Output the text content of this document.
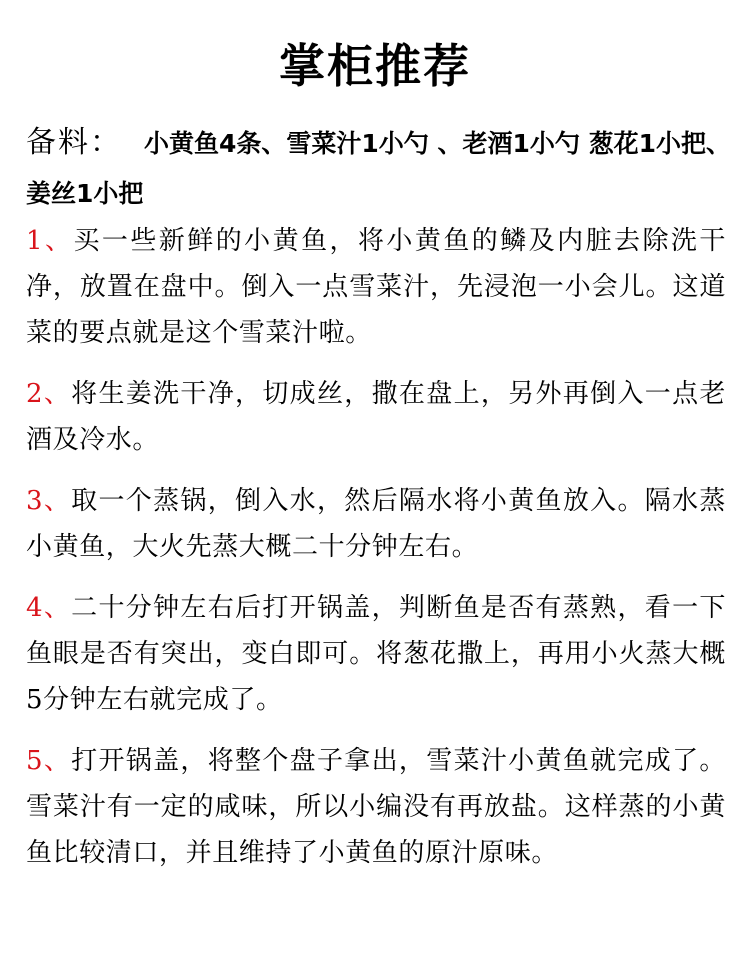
掌柜推荐
备料： 小黄鱼4条、雪菜汁1小勺 、老酒1小勺 葱花1小把、姜丝1小把

1、买一些新鲜的小黄鱼，将小黄鱼的鳞及内脏去除洗干净，放置在盘中。倒入一点雪菜汁，先浸泡一小会儿。这道菜的要点就是这个雪菜汁啦。

2、将生姜洗干净，切成丝，撒在盘上，另外再倒入一点老酒及冷水。

3、取一个蒸锅，倒入水，然后隔水将小黄鱼放入。隔水蒸小黄鱼，大火先蒸大概二十分钟左右。

4、二十分钟左右后打开锅盖，判断鱼是否有蒸熟，看一下鱼眼是否有突出，变白即可。将葱花撒上，再用小火蒸大概5分钟左右就完成了。

5、打开锅盖，将整个盘子拿出，雪菜汁小黄鱼就完成了。雪菜汁有一定的咸味，所以小编没有再放盐。这样蒸的小黄鱼比较清口，并且维持了小黄鱼的原汁原味。
